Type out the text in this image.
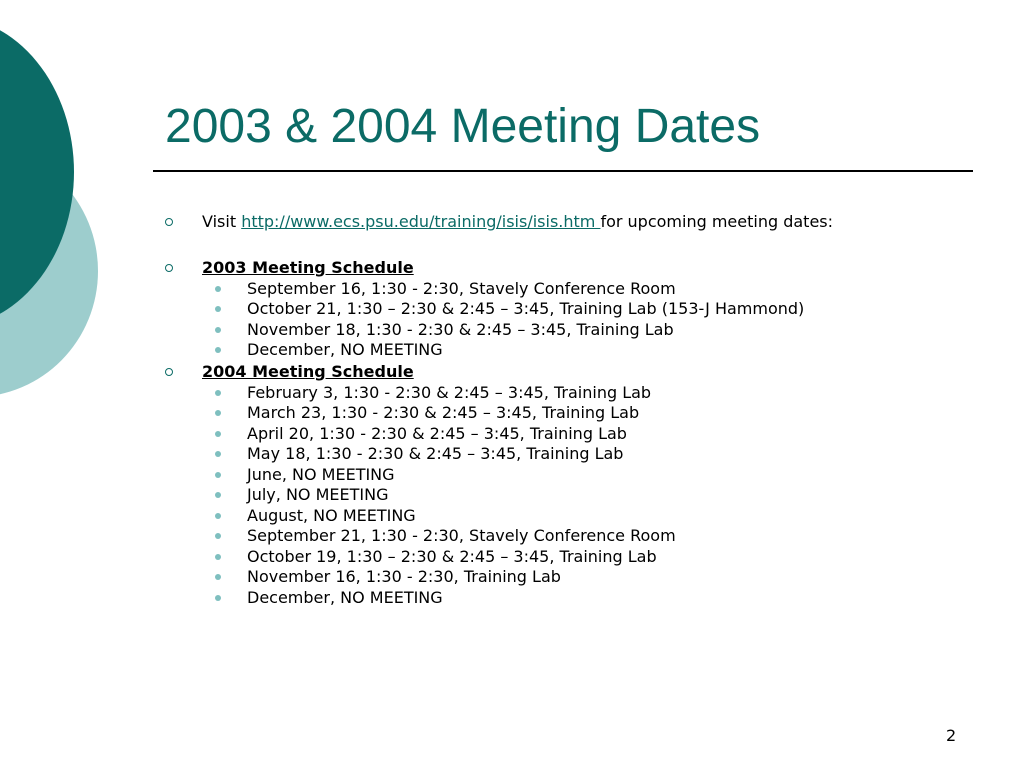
2003 & 2004 Meeting Dates
Visit http://www.ecs.psu.edu/training/isis/isis.htm for upcoming meeting dates:
2003 Meeting Schedule
September 16, 1:30 - 2:30, Stavely Conference Room
October 21, 1:30 – 2:30 & 2:45 – 3:45, Training Lab (153-J Hammond)
November 18, 1:30 - 2:30 & 2:45 – 3:45, Training Lab
December, NO MEETING
2004 Meeting Schedule
February 3, 1:30 - 2:30 & 2:45 – 3:45, Training Lab
March 23, 1:30 - 2:30 & 2:45 – 3:45, Training Lab
April 20, 1:30 - 2:30 & 2:45 – 3:45, Training Lab
May 18, 1:30 - 2:30 & 2:45 – 3:45, Training Lab
June, NO MEETING
July, NO MEETING
August, NO MEETING
September 21, 1:30 - 2:30, Stavely Conference Room
October 19, 1:30 – 2:30 & 2:45 – 3:45, Training Lab
November 16, 1:30 - 2:30, Training Lab
December, NO MEETING
2
